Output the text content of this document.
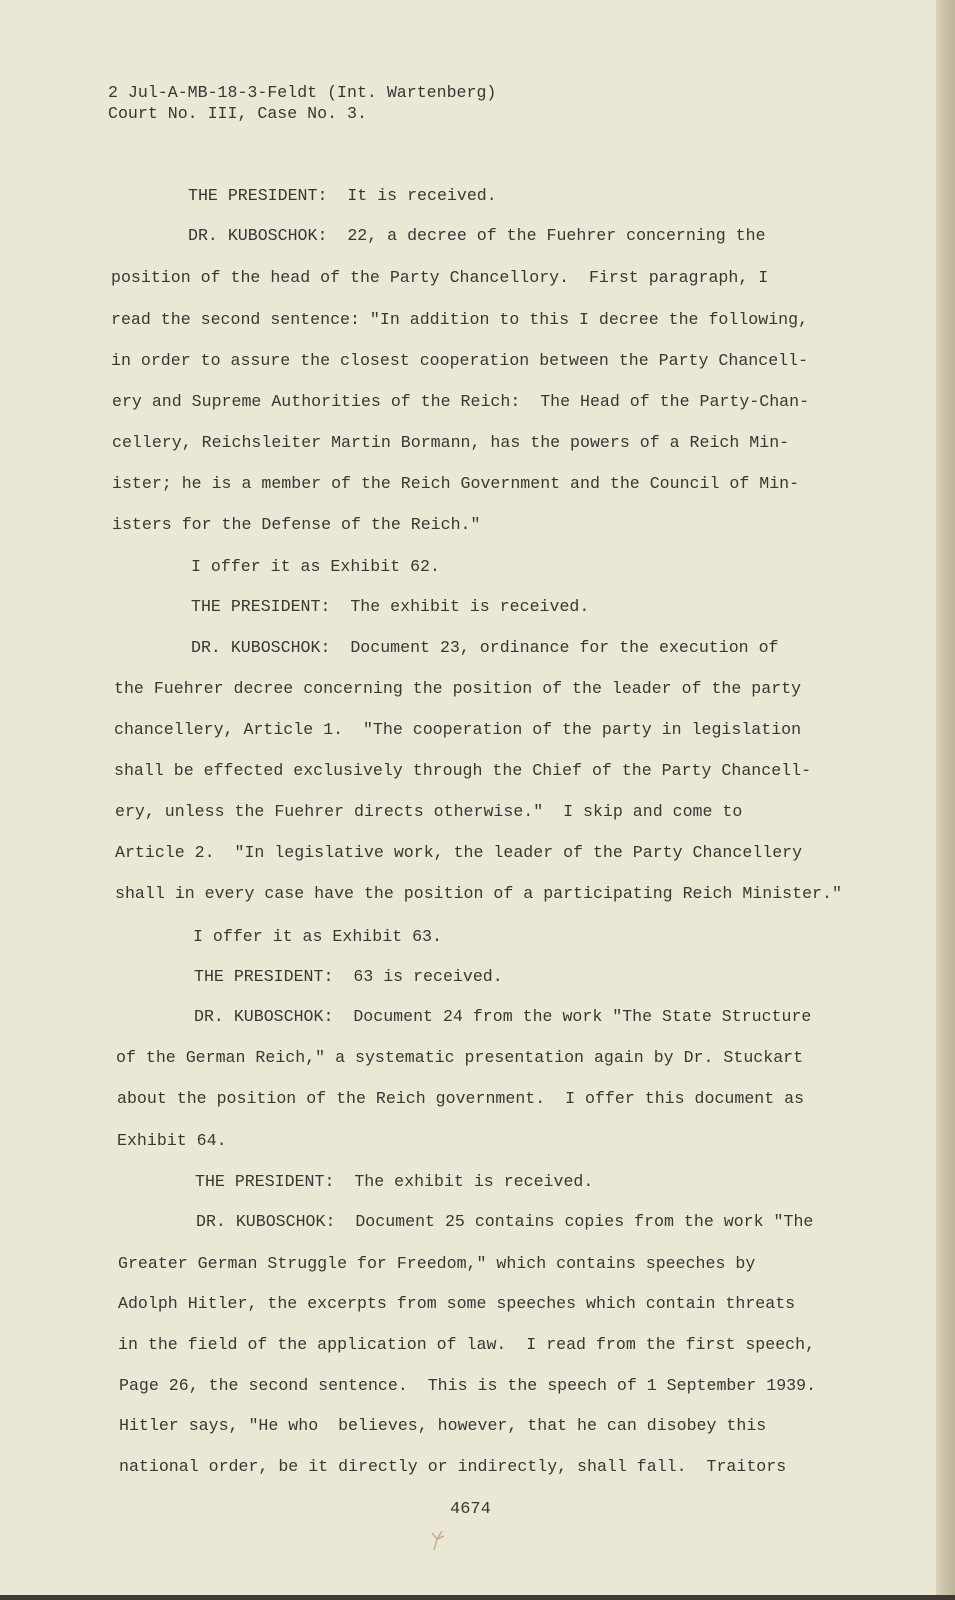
2 Jul-A-MB-18-3-Feldt (Int. Wartenberg)
Court No. III, Case No. 3.
THE PRESIDENT:  It is received.
DR. KUBOSCHOK:  22, a decree of the Fuehrer concerning the
position of the head of the Party Chancellory.  First paragraph, I
read the second sentence: "In addition to this I decree the following,
in order to assure the closest cooperation between the Party Chancell-
ery and Supreme Authorities of the Reich:  The Head of the Party-Chan-
cellery, Reichsleiter Martin Bormann, has the powers of a Reich Min-
ister; he is a member of the Reich Government and the Council of Min-
isters for the Defense of the Reich."
I offer it as Exhibit 62.
THE PRESIDENT:  The exhibit is received.
DR. KUBOSCHOK:  Document 23, ordinance for the execution of
the Fuehrer decree concerning the position of the leader of the party
chancellery, Article 1.  "The cooperation of the party in legislation
shall be effected exclusively through the Chief of the Party Chancell-
ery, unless the Fuehrer directs otherwise."  I skip and come to
Article 2.  "In legislative work, the leader of the Party Chancellery
shall in every case have the position of a participating Reich Minister."
I offer it as Exhibit 63.
THE PRESIDENT:  63 is received.
DR. KUBOSCHOK:  Document 24 from the work "The State Structure
of the German Reich," a systematic presentation again by Dr. Stuckart
about the position of the Reich government.  I offer this document as
Exhibit 64.
THE PRESIDENT:  The exhibit is received.
DR. KUBOSCHOK:  Document 25 contains copies from the work "The
Greater German Struggle for Freedom," which contains speeches by
Adolph Hitler, the excerpts from some speeches which contain threats
in the field of the application of law.  I read from the first speech,
Page 26, the second sentence.  This is the speech of 1 September 1939.
Hitler says, "He who  believes, however, that he can disobey this
national order, be it directly or indirectly, shall fall.  Traitors
4674
